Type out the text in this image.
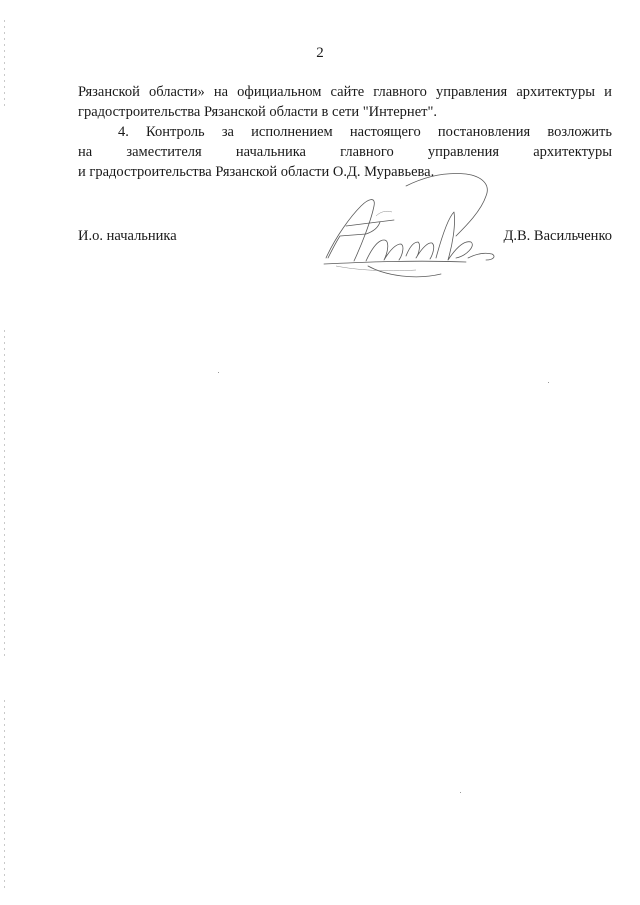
2
Рязанской области» на официальном сайте главного управления архитектуры и
градостроительства Рязанской области в сети "Интернет".
4. Контроль за исполнением настоящего постановления возложить
на заместителя начальника главного управления архитектуры
и градостроительства Рязанской области О.Д. Муравьева.
И.о. начальника	Д.В. Васильченко
